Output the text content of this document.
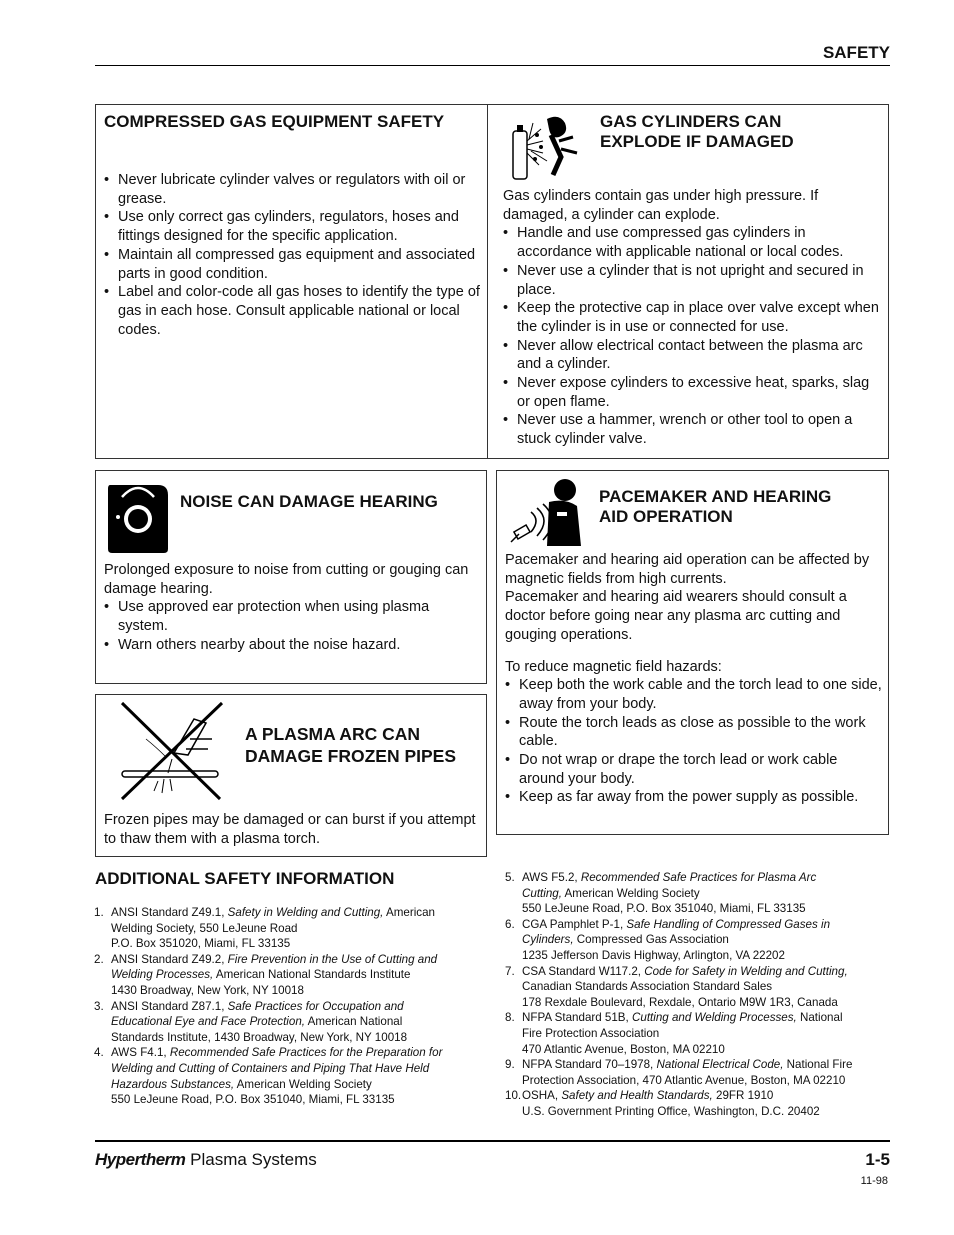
SAFETY
COMPRESSED GAS EQUIPMENT SAFETY
• Never lubricate cylinder valves or regulators with oil or grease.
• Use only correct gas cylinders, regulators, hoses and fittings designed for the specific application.
• Maintain all compressed gas equipment and associated parts in good condition.
• Label and color-code all gas hoses to identify the type of gas in each hose. Consult applicable national or local codes.
GAS CYLINDERS CAN
EXPLODE IF DAMAGED

Gas cylinders contain gas under high pressure. If damaged, a cylinder can explode.

• Handle and use compressed gas cylinders in accordance with applicable national or local codes.
• Never use a cylinder that is not upright and secured in place.
• Keep the protective cap in place over valve except when the cylinder is in use or connected for use.
• Never allow electrical contact between the plasma arc and a cylinder.
• Never expose cylinders to excessive heat, sparks, slag or open flame.
• Never use a hammer, wrench or other tool to open a stuck cylinder valve.
NOISE CAN DAMAGE HEARING

Prolonged exposure to noise from cutting or gouging can damage hearing.

• Use approved ear protection when using plasma system.
• Warn others nearby about the noise hazard.
PACEMAKER AND HEARING
AID OPERATION

Pacemaker and hearing aid operation can be affected by magnetic fields from high currents.

Pacemaker and hearing aid wearers should consult a doctor before going near any plasma arc cutting and gouging operations.

To reduce magnetic field hazards:

• Keep both the work cable and the torch lead to one side, away from your body.
• Route the torch leads as close as possible to the work cable.
• Do not wrap or drape the torch lead or work cable around your body.
• Keep as far away from the power supply as possible.
A PLASMA ARC CAN
DAMAGE FROZEN PIPES

Frozen pipes may be damaged or can burst if you attempt to thaw them with a plasma torch.

ADDITIONAL SAFETY INFORMATION
1. ANSI Standard Z49.1, Safety in Welding and Cutting, American
Welding Society, 550 LeJeune Road
P.O. Box 351020, Miami, FL 33135
2. ANSI Standard Z49.2, Fire Prevention in the Use of Cutting and
Welding Processes, American National Standards Institute
1430 Broadway, New York, NY 10018
3. ANSI Standard Z87.1, Safe Practices for Occupation and
Educational Eye and Face Protection, American National
Standards Institute, 1430 Broadway, New York, NY 10018
4. AWS F4.1, Recommended Safe Practices for the Preparation for
Welding and Cutting of Containers and Piping That Have Held
Hazardous Substances, American Welding Society
550 LeJeune Road, P.O. Box 351040, Miami, FL 33135
5. AWS F5.2, Recommended Safe Practices for Plasma Arc
Cutting, American Welding Society
550 LeJeune Road, P.O. Box 351040, Miami, FL 33135
6. CGA Pamphlet P-1, Safe Handling of Compressed Gases in
Cylinders, Compressed Gas Association
1235 Jefferson Davis Highway, Arlington, VA 22202
7. CSA Standard W117.2, Code for Safety in Welding and Cutting,
Canadian Standards Association Standard Sales
178 Rexdale Boulevard, Rexdale, Ontario M9W 1R3, Canada
8. NFPA Standard 51B, Cutting and Welding Processes, National
Fire Protection Association
470 Atlantic Avenue, Boston, MA 02210
9. NFPA Standard 70–1978, National Electrical Code, National Fire
Protection Association, 470 Atlantic Avenue, Boston, MA 02210
10. OSHA, Safety and Health Standards, 29FR 1910
U.S. Government Printing Office, Washington, D.C. 20402
Hypertherm Plasma Systems	1-5
11-98
